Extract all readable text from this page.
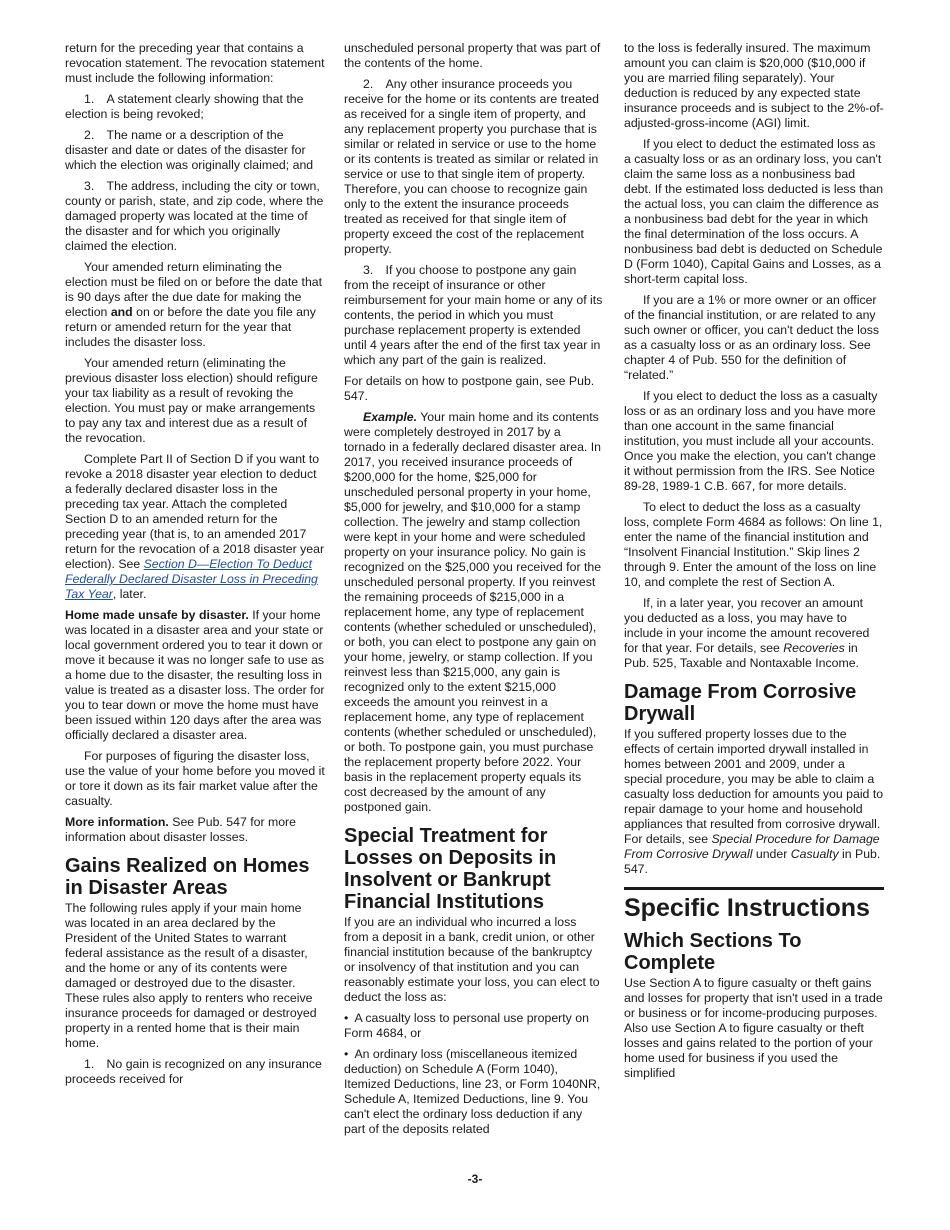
return for the preceding year that contains a revocation statement. The revocation statement must include the following information:

1. A statement clearly showing that the election is being revoked;

2. The name or a description of the disaster and date or dates of the disaster for which the election was originally claimed; and

3. The address, including the city or town, county or parish, state, and zip code, where the damaged property was located at the time of the disaster and for which you originally claimed the election.

Your amended return eliminating the election must be filed on or before the date that is 90 days after the due date for making the election and on or before the date you file any return or amended return for the year that includes the disaster loss.

Your amended return (eliminating the previous disaster loss election) should refigure your tax liability as a result of revoking the election. You must pay or make arrangements to pay any tax and interest due as a result of the revocation.

Complete Part II of Section D if you want to revoke a 2018 disaster year election to deduct a federally declared disaster loss in the preceding tax year. Attach the completed Section D to an amended return for the preceding year (that is, to an amended 2017 return for the revocation of a 2018 disaster year election). See Section D—Election To Deduct Federally Declared Disaster Loss in Preceding Tax Year, later.

Home made unsafe by disaster. If your home was located in a disaster area and your state or local government ordered you to tear it down or move it because it was no longer safe to use as a home due to the disaster, the resulting loss in value is treated as a disaster loss. The order for you to tear down or move the home must have been issued within 120 days after the area was officially declared a disaster area.

For purposes of figuring the disaster loss, use the value of your home before you moved it or tore it down as its fair market value after the casualty.

More information. See Pub. 547 for more information about disaster losses.

Gains Realized on Homes in Disaster Areas

The following rules apply if your main home was located in an area declared by the President of the United States to warrant federal assistance as the result of a disaster, and the home or any of its contents were damaged or destroyed due to the disaster. These rules also apply to renters who receive insurance proceeds for damaged or destroyed property in a rented home that is their main home.

1. No gain is recognized on any insurance proceeds received for

unscheduled personal property that was part of the contents of the home.

2. Any other insurance proceeds you receive for the home or its contents are treated as received for a single item of property, and any replacement property you purchase that is similar or related in service or use to the home or its contents is treated as similar or related in service or use to that single item of property. Therefore, you can choose to recognize gain only to the extent the insurance proceeds treated as received for that single item of property exceed the cost of the replacement property.

3. If you choose to postpone any gain from the receipt of insurance or other reimbursement for your main home or any of its contents, the period in which you must purchase replacement property is extended until 4 years after the end of the first tax year in which any part of the gain is realized.

For details on how to postpone gain, see Pub. 547.

Example. Your main home and its contents were completely destroyed in 2017 by a tornado in a federally declared disaster area. In 2017, you received insurance proceeds of $200,000 for the home, $25,000 for unscheduled personal property in your home, $5,000 for jewelry, and $10,000 for a stamp collection. The jewelry and stamp collection were kept in your home and were scheduled property on your insurance policy. No gain is recognized on the $25,000 you received for the unscheduled personal property. If you reinvest the remaining proceeds of $215,000 in a replacement home, any type of replacement contents (whether scheduled or unscheduled), or both, you can elect to postpone any gain on your home, jewelry, or stamp collection. If you reinvest less than $215,000, any gain is recognized only to the extent $215,000 exceeds the amount you reinvest in a replacement home, any type of replacement contents (whether scheduled or unscheduled), or both. To postpone gain, you must purchase the replacement property before 2022. Your basis in the replacement property equals its cost decreased by the amount of any postponed gain.

Special Treatment for Losses on Deposits in Insolvent or Bankrupt Financial Institutions

If you are an individual who incurred a loss from a deposit in a bank, credit union, or other financial institution because of the bankruptcy or insolvency of that institution and you can reasonably estimate your loss, you can elect to deduct the loss as:

• A casualty loss to personal use property on Form 4684, or

• An ordinary loss (miscellaneous itemized deduction) on Schedule A (Form 1040), Itemized Deductions, line 23, or Form 1040NR, Schedule A, Itemized Deductions, line 9. You can't elect the ordinary loss deduction if any part of the deposits related

to the loss is federally insured. The maximum amount you can claim is $20,000 ($10,000 if you are married filing separately). Your deduction is reduced by any expected state insurance proceeds and is subject to the 2%-of-adjusted-gross-income (AGI) limit.

If you elect to deduct the estimated loss as a casualty loss or as an ordinary loss, you can't claim the same loss as a nonbusiness bad debt. If the estimated loss deducted is less than the actual loss, you can claim the difference as a nonbusiness bad debt for the year in which the final determination of the loss occurs. A nonbusiness bad debt is deducted on Schedule D (Form 1040), Capital Gains and Losses, as a short-term capital loss.

If you are a 1% or more owner or an officer of the financial institution, or are related to any such owner or officer, you can't deduct the loss as a casualty loss or as an ordinary loss. See chapter 4 of Pub. 550 for the definition of “related.”

If you elect to deduct the loss as a casualty loss or as an ordinary loss and you have more than one account in the same financial institution, you must include all your accounts. Once you make the election, you can't change it without permission from the IRS. See Notice 89-28, 1989-1 C.B. 667, for more details.

To elect to deduct the loss as a casualty loss, complete Form 4684 as follows: On line 1, enter the name of the financial institution and “Insolvent Financial Institution.” Skip lines 2 through 9. Enter the amount of the loss on line 10, and complete the rest of Section A.

If, in a later year, you recover an amount you deducted as a loss, you may have to include in your income the amount recovered for that year. For details, see Recoveries in Pub. 525, Taxable and Nontaxable Income.

Damage From Corrosive Drywall

If you suffered property losses due to the effects of certain imported drywall installed in homes between 2001 and 2009, under a special procedure, you may be able to claim a casualty loss deduction for amounts you paid to repair damage to your home and household appliances that resulted from corrosive drywall. For details, see Special Procedure for Damage From Corrosive Drywall under Casualty in Pub. 547.

Specific Instructions
Which Sections To Complete

Use Section A to figure casualty or theft gains and losses for property that isn't used in a trade or business or for income-producing purposes. Also use Section A to figure casualty or theft losses and gains related to the portion of your home used for business if you used the simplified

-3-
